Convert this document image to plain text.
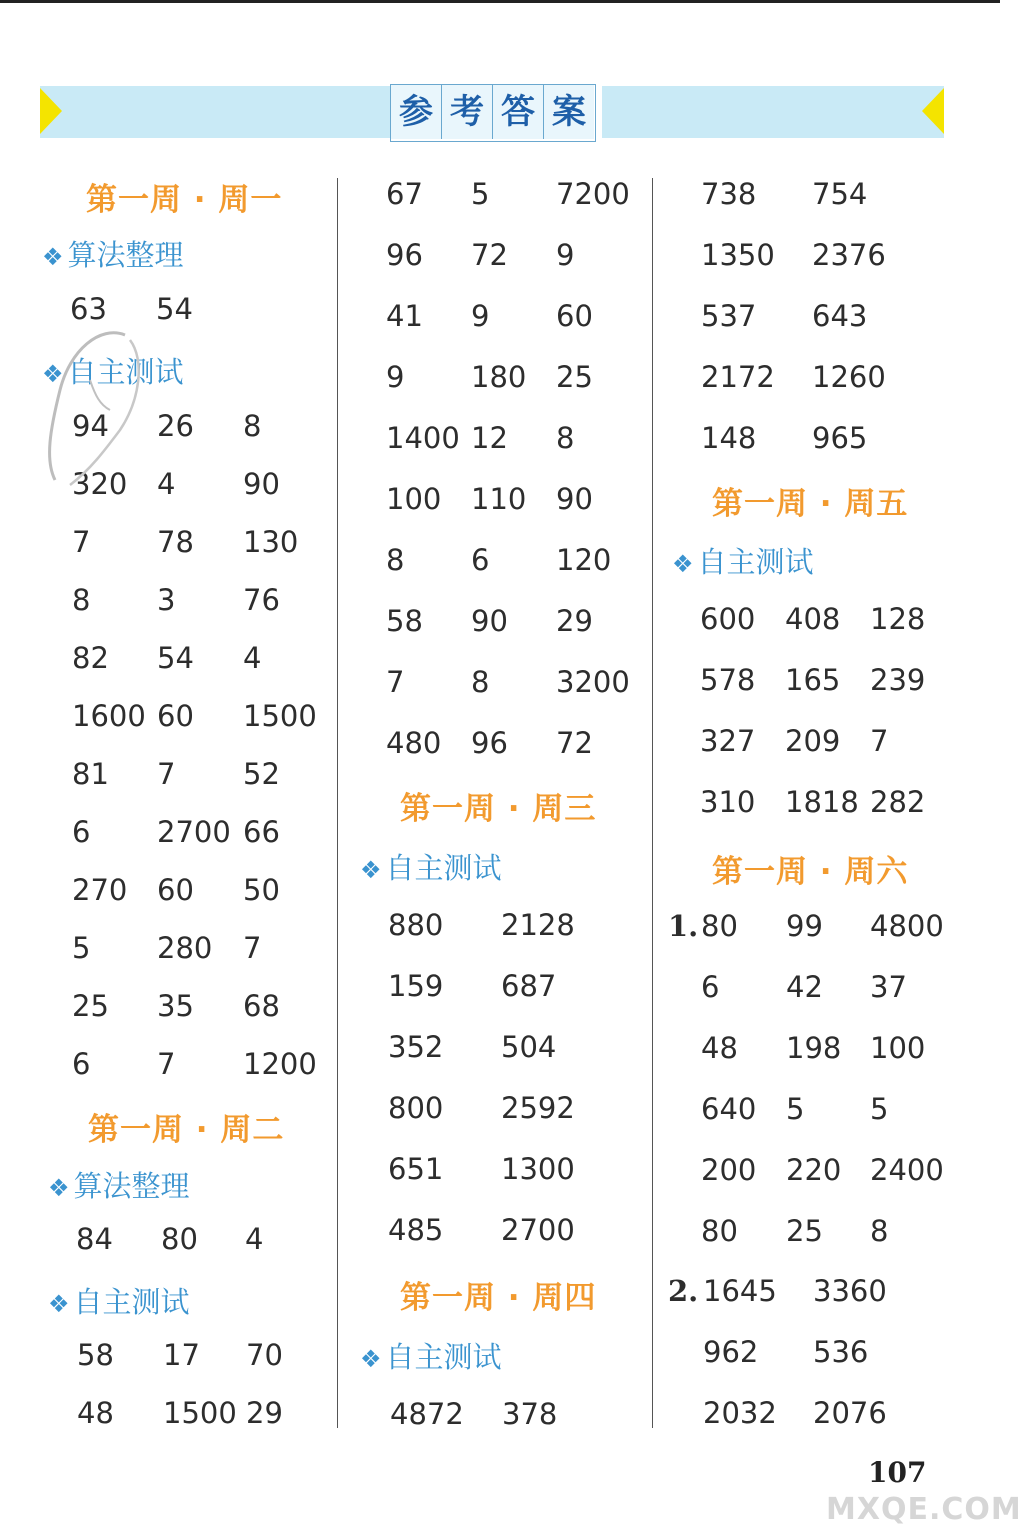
参 考 答 案
第一周 · 周一
❖ 算法整理
63 54
❖ 自主测试
94 26 8
320 4 90
7 78 130
8 3 76
82 54 4
1600 60 1500
81 7 52
6 2700 66
270 60 50
5 280 7
25 35 68
6 7 1200
第一周 · 周二
❖ 算法整理
84 80 4
❖ 自主测试
58 17 70
48 1500 29
67 5 7200
96 72 9
41 9 60
9 180 25
1400 12 8
100 110 90
8 6 120
58 90 29
7 8 3200
480 96 72
第一周 · 周三
❖ 自主测试
880 2128
159 687
352 504
800 2592
651 1300
485 2700
第一周 · 周四
❖ 自主测试
4872 378
738 754
1350 2376
537 643
2172 1260
148 965
第一周 · 周五
❖ 自主测试
600 408 128
578 165 239
327 209 7
310 1818 282
第一周 · 周六
1. 80 99 4800
6 42 37
48 198 100
640 5 5
200 220 2400
80 25 8
2. 1645 3360
962 536
2032 2076
MXQE.COM
107
